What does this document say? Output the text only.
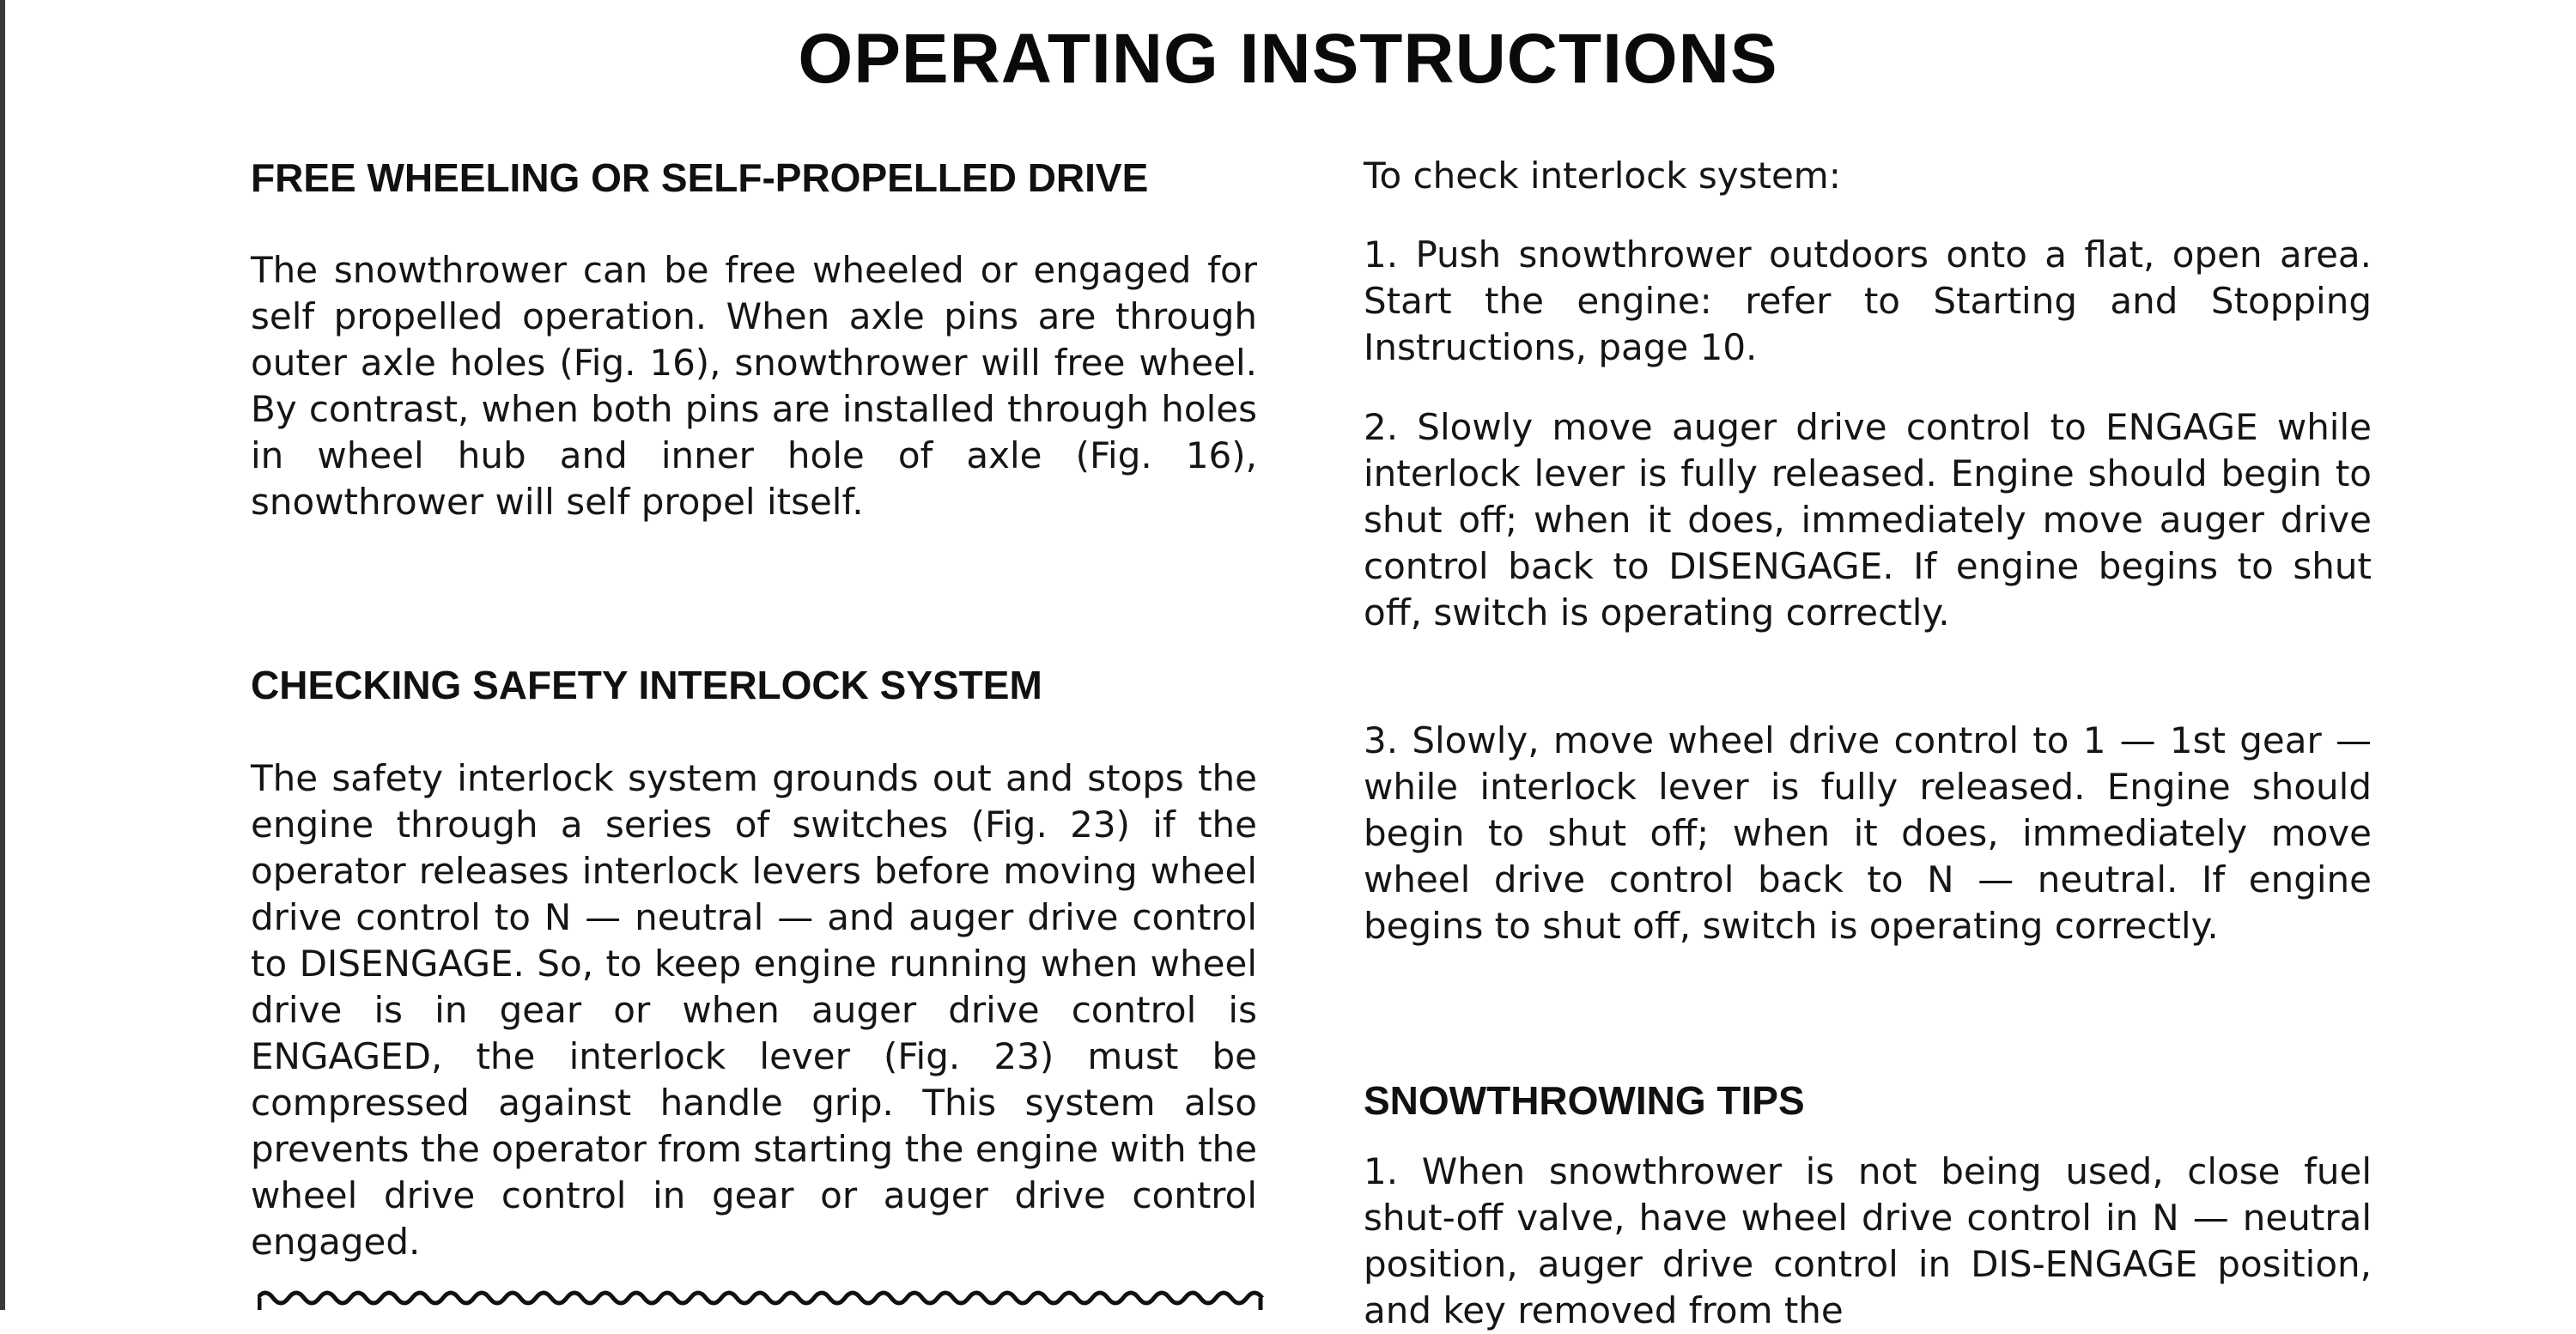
OPERATING INSTRUCTIONS
FREE WHEELING OR SELF-PROPELLED DRIVE

The snowthrower can be free wheeled or engaged for self propelled operation. When axle pins are through outer axle holes (Fig. 16), snowthrower will free wheel. By contrast, when both pins are installed through holes in wheel hub and inner hole of axle (Fig. 16), snowthrower will self propel itself.

CHECKING SAFETY INTERLOCK SYSTEM

The safety interlock system grounds out and stops the engine through a series of switches (Fig. 23) if the operator releases interlock levers before moving wheel drive control to N — neutral — and auger drive control to DISENGAGE. So, to keep engine running when wheel drive is in gear or when auger drive control is ENGAGED, the interlock lever (Fig. 23) must be compressed against handle grip. This system also prevents the operator from starting the engine with the wheel drive control in gear or auger drive control engaged.

To check interlock system:

1. Push snowthrower outdoors onto a flat, open area. Start the engine: refer to Starting and Stopping Instructions, page 10.

2. Slowly move auger drive control to ENGAGE while interlock lever is fully released. Engine should begin to shut off; when it does, immediately move auger drive control back to DISENGAGE. If engine begins to shut off, switch is operating correctly.

3. Slowly, move wheel drive control to 1 — 1st gear — while interlock lever is fully released. Engine should begin to shut off; when it does, immediately move wheel drive control back to N — neutral. If engine begins to shut off, switch is operating correctly.

SNOWTHROWING TIPS

1. When snowthrower is not being used, close fuel shut-off valve, have wheel drive control in N — neutral position, auger drive control in DIS-ENGAGE position, and key removed from the
